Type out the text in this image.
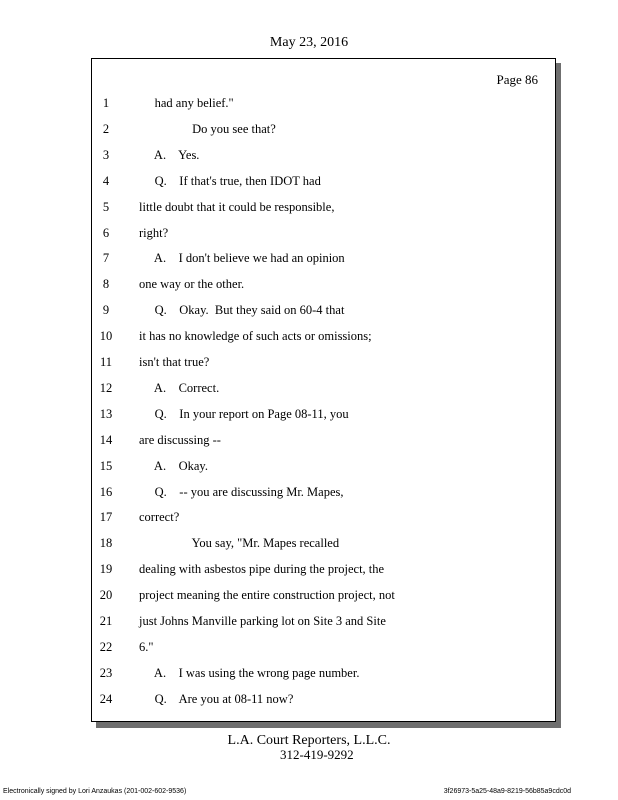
May 23, 2016
Page 86
1	had any belief."
2	Do you see that?
3	A.    Yes.
4	Q.    If that's true, then IDOT had
5	little doubt that it could be responsible,
6	right?
7	A.    I don't believe we had an opinion
8	one way or the other.
9	Q.    Okay.  But they said on 60-4 that
10	it has no knowledge of such acts or omissions;
11	isn't that true?
12	A.    Correct.
13	Q.    In your report on Page 08-11, you
14	are discussing --
15	A.    Okay.
16	Q.    -- you are discussing Mr. Mapes,
17	correct?
18	You say, "Mr. Mapes recalled
19	dealing with asbestos pipe during the project, the
20	project meaning the entire construction project, not
21	just Johns Manville parking lot on Site 3 and Site
22	6."
23	A.    I was using the wrong page number.
24	Q.    Are you at 08-11 now?
L.A. Court Reporters, L.L.C.
312-419-9292
Electronically signed by Lori Anzaukas (201-002-602-9536)	3f26973-5a25-48a9-8219-56b85a9cdc0d
